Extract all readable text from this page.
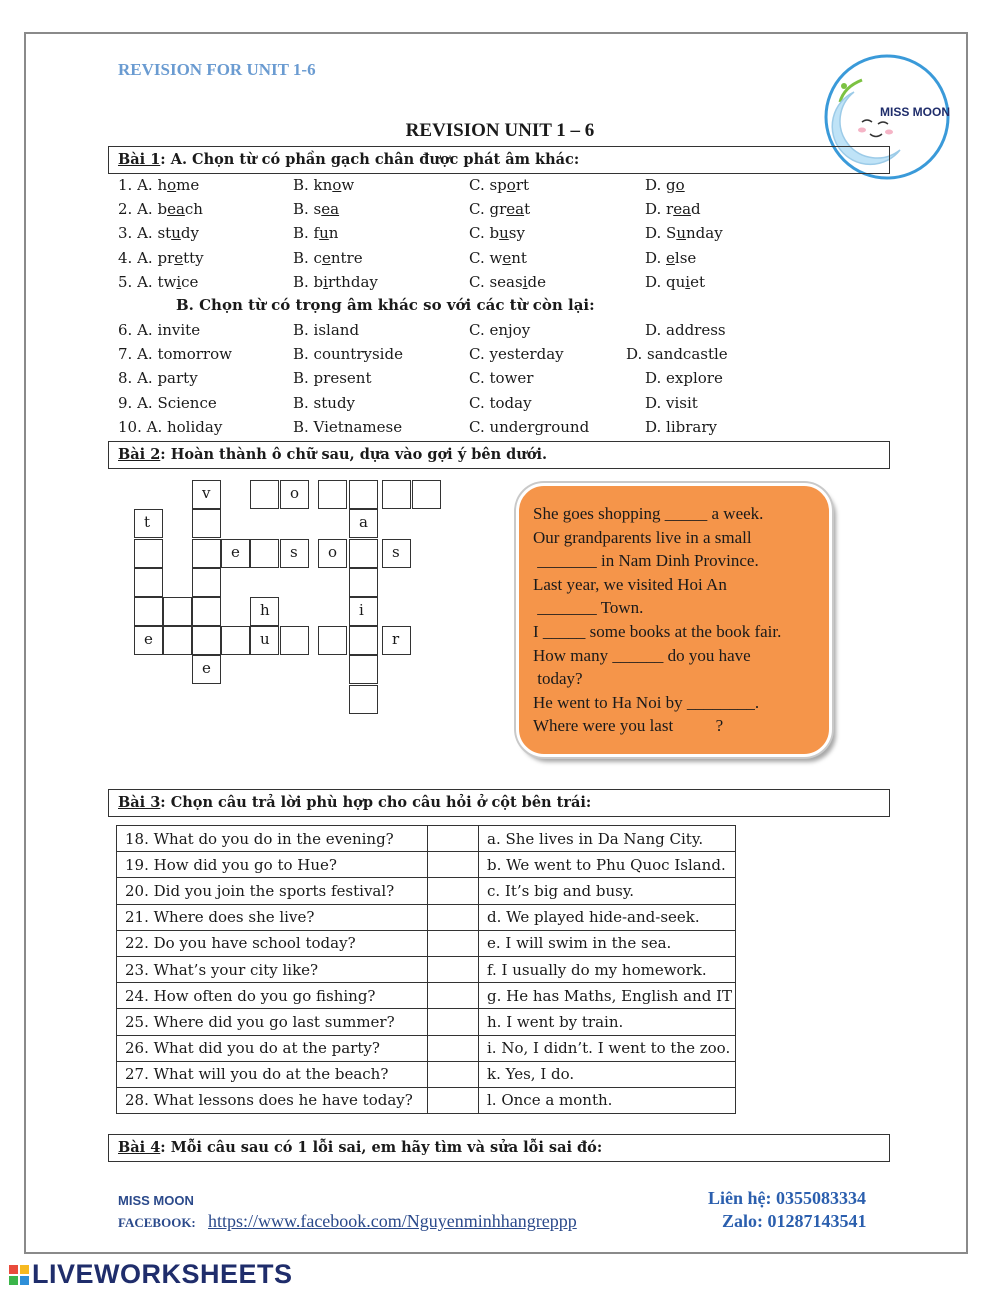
REVISION FOR UNIT 1-6
REVISION UNIT 1 – 6
MISS MOON
Bài 1: A. Chọn từ có phần gạch chân được phát âm khác:
1. A. home	B. know	C. sport	D. go
2. A. beach	B. sea	C. great	D. read
3. A. study	B. fun	C. busy	D. Sunday
4. A. pretty	B. centre	C. went	D. else
5. A. twice	B. birthday	C. seaside	D. quiet
B. Chọn từ có trọng âm khác so với các từ còn lại:
6. A. invite	B. island	C. enjoy	D. address
7. A. tomorrow	B. countryside	C. yesterday	D. sandcastle
8. A. party	B. present	C. tower	D. explore
9. A. Science	B. study	C. today	D. visit
10. A. holiday	B. Vietnamese	C. underground	D. library
Bài 2: Hoàn thành ô chữ sau, dựa vào gợi ý bên dưới.
v	o
t	a
e	s	o	s
h	i
e	u	r
e
She goes shopping _____ a week.
Our grandparents live in a small
_______ in Nam Dinh Province.
Last year, we visited Hoi An
_______ Town.
I _____ some books at the book fair.
How many ______ do you have
today?
He went to Ha Noi by ________.
Where were you last          ?
Bài 3: Chọn câu trả lời phù hợp cho câu hỏi ở cột bên trái:
18. What do you do in the evening?		a. She lives in Da Nang City.
19. How did you go to Hue?		b. We went to Phu Quoc Island.
20. Did you join the sports festival?		c. It’s big and busy.
21. Where does she live?		d. We played hide-and-seek.
22. Do you have school today?		e. I will swim in the sea.
23. What’s your city like?		f. I usually do my homework.
24. How often do you go fishing?		g. He has Maths, English and IT
25. Where did you go last summer?		h. I went by train.
26. What did you do at the party?		i. No, I didn’t. I went to the zoo.
27. What will you do at the beach?		k. Yes, I do.
28. What lessons does he have today?		l. Once a month.
Bài 4: Mỗi câu sau có 1 lỗi sai, em hãy tìm và sửa lỗi sai đó:
MISS MOON
FACEBOOK: https://www.facebook.com/Nguyenminhhangreppp
Liên hệ: 0355083334
Zalo: 01287143541
LIVEWORKSHEETS
